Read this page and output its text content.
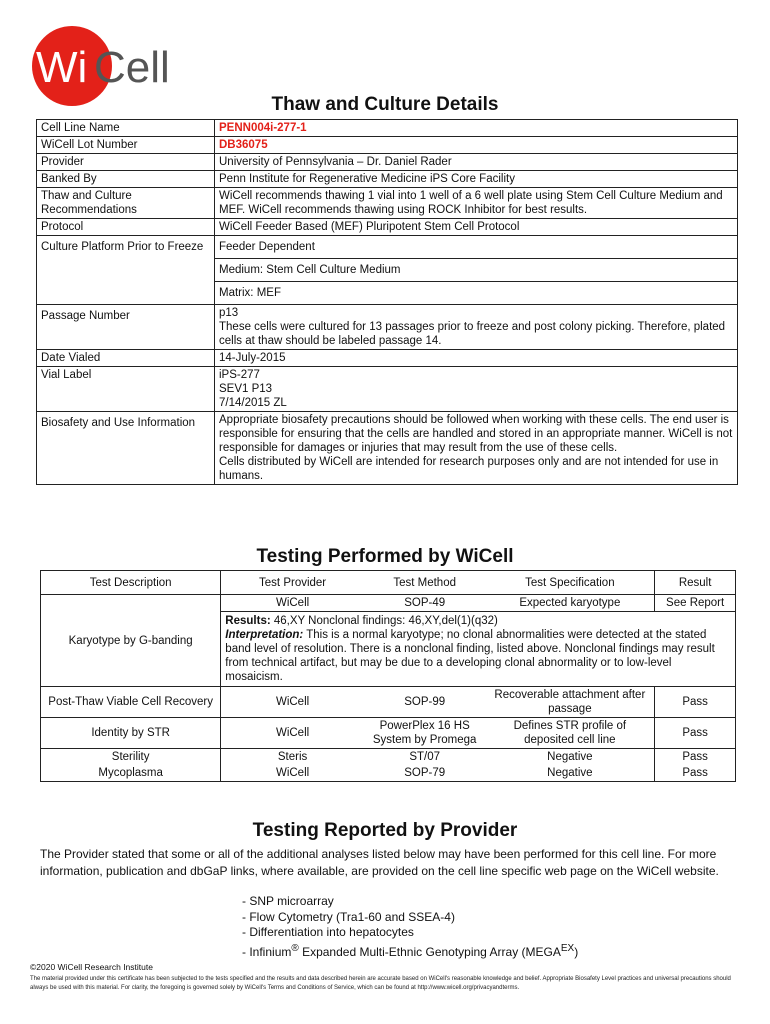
Wi Cell
Thaw and Culture Details
Cell Line Name	PENN004i-277-1
WiCell Lot Number	DB36075
Provider	University of Pennsylvania – Dr. Daniel Rader
Banked By	Penn Institute for Regenerative Medicine iPS Core Facility
Thaw and Culture Recommendations	WiCell recommends thawing 1 vial into 1 well of a 6 well plate using Stem Cell Culture Medium and MEF. WiCell recommends thawing using ROCK Inhibitor for best results.
Protocol	WiCell Feeder Based (MEF) Pluripotent Stem Cell Protocol
Culture Platform Prior to Freeze	Feeder Dependent
	Medium: Stem Cell Culture Medium
	Matrix: MEF
Passage Number	p13
These cells were cultured for 13 passages prior to freeze and post colony picking. Therefore, plated cells at thaw should be labeled passage 14.

Date Vialed	14-July-2015
Vial Label	iPS-277
SEV1 P13
7/14/2015 ZL

Biosafety and Use Information	Appropriate biosafety precautions should be followed when working with these cells. The end user is responsible for ensuring that the cells are handled and stored in an appropriate manner. WiCell is not responsible for damages or injuries that may result from the use of these cells.
Cells distributed by WiCell are intended for research purposes only and are not intended for use in humans.
Testing Performed by WiCell
Test Description	Test Provider	Test Method	Test Specification	Result
Karyotype by G-banding	WiCell	SOP-49	Expected karyotype	See Report

	Results: 46,XY Nonclonal findings: 46,XY,del(1)(q32)
Interpretation: This is a normal karyotype; no clonal abnormalities were detected at the stated band level of resolution. There is a nonclonal finding, listed above. Nonclonal findings may result from technical artifact, but may be due to a developing clonal abnormality or to low-level mosaicism.			

Post-Thaw Viable Cell Recovery	WiCell	SOP-99	Recoverable attachment after passage	Pass
Identity by STR	WiCell	PowerPlex 16 HS System by Promega	Defines STR profile of deposited cell line	Pass
Sterility	Steris	ST/07	Negative	Pass
Mycoplasma	WiCell	SOP-79	Negative	Pass
Testing Reported by Provider
The Provider stated that some or all of the additional analyses listed below may have been performed for this cell line. For more information, publication and dbGaP links, where available, are provided on the cell line specific web page on the WiCell website.
- SNP microarray
- Flow Cytometry (Tra1-60 and SSEA-4)
- Differentiation into hepatocytes
- Infinium® Expanded Multi-Ethnic Genotyping Array $(MEGA^{EX})$
©2020 WiCell Research Institute
The material provided under this certificate has been subjected to the tests specified and the results and data described herein are accurate based on WiCell's reasonable knowledge and belief. Appropriate Biosafety Level practices and universal precautions should always be used with this material. For clarity, the foregoing is governed solely by WiCell's Terms and Conditions of Service, which can be found at http://www.wicell.org/privacyandterms.
